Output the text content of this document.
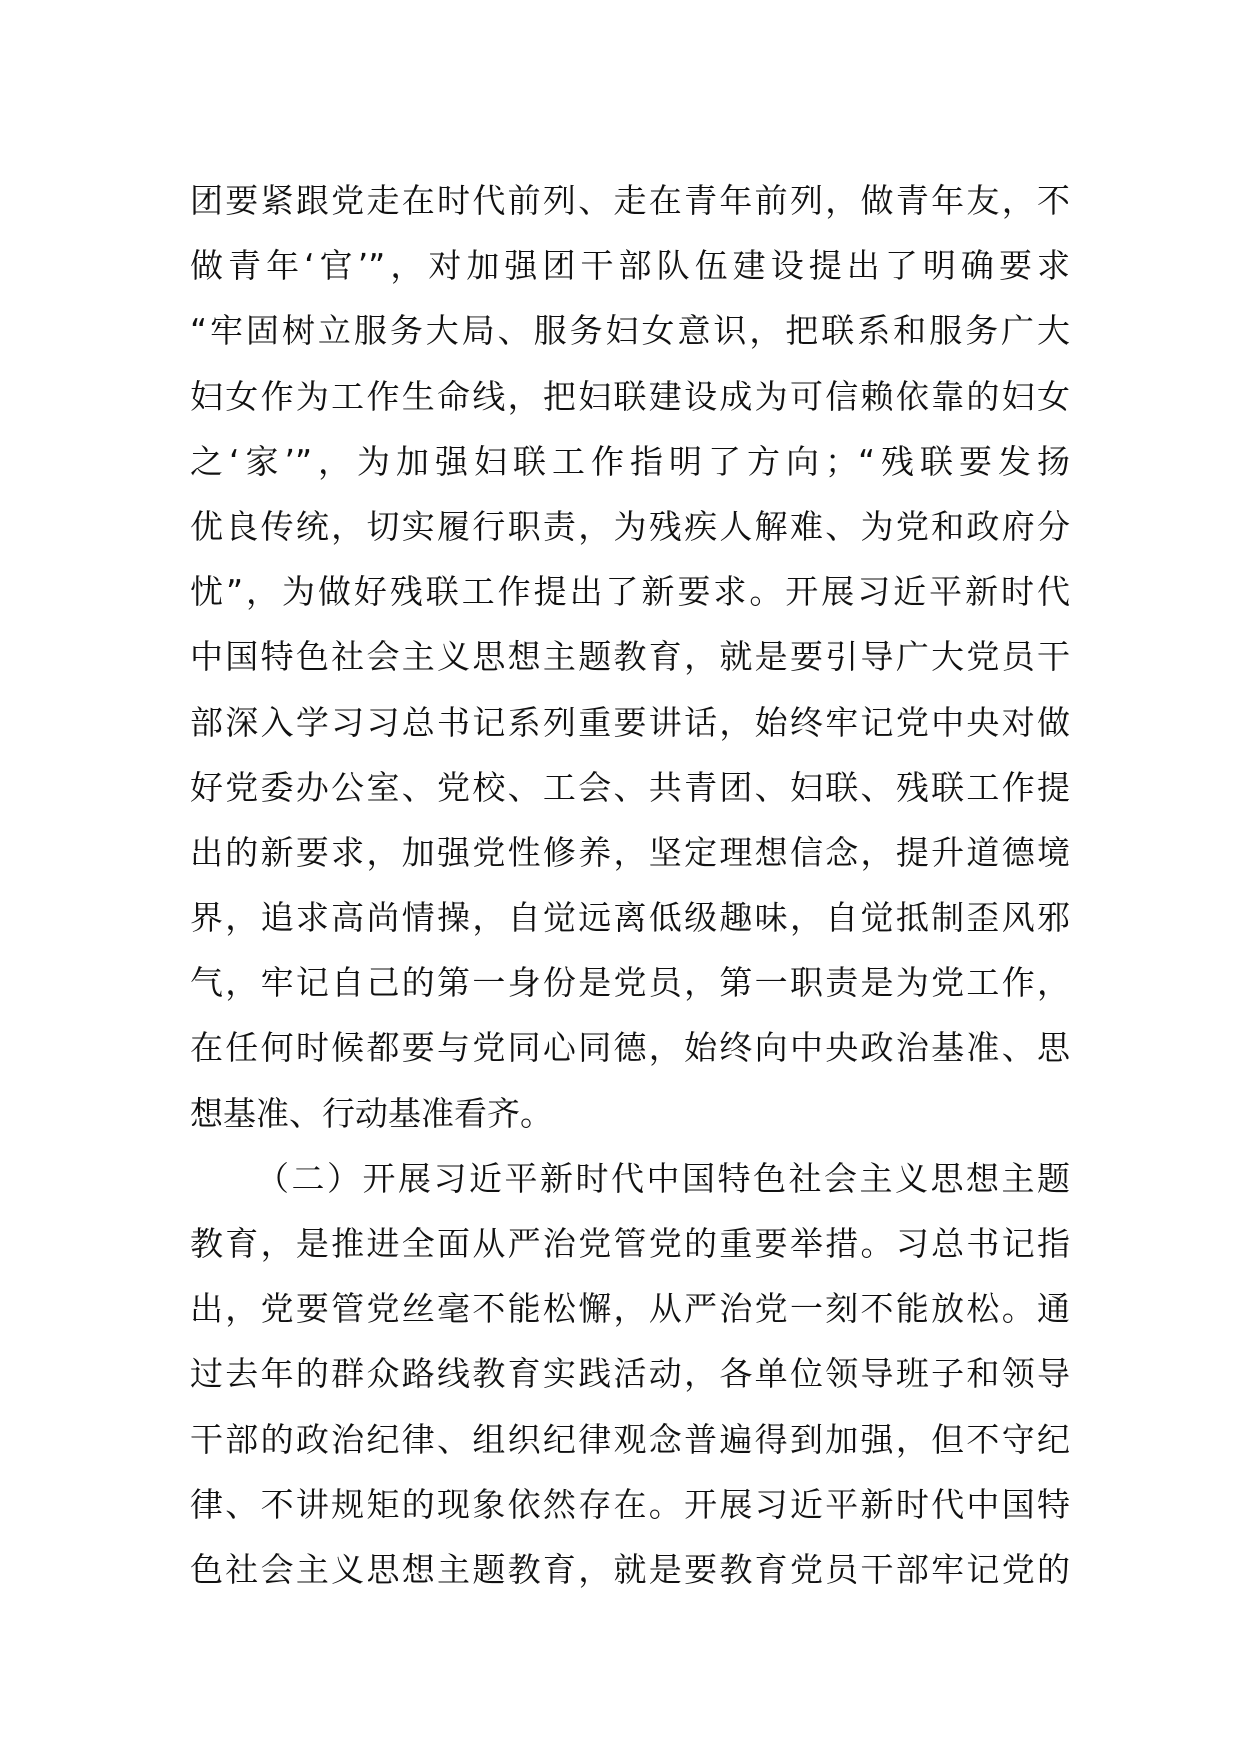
团要紧跟党走在时代前列、走在青年前列，做青年友，不
做青年‘官’”，对加强团干部队伍建设提出了明确要求
“牢固树立服务大局、服务妇女意识，把联系和服务广大
妇女作为工作生命线，把妇联建设成为可信赖依靠的妇女
之‘家’”，为加强妇联工作指明了方向；“残联要发扬
优良传统，切实履行职责，为残疾人解难、为党和政府分
忧”，为做好残联工作提出了新要求。开展习近平新时代
中国特色社会主义思想主题教育，就是要引导广大党员干
部深入学习习总书记系列重要讲话，始终牢记党中央对做
好党委办公室、党校、工会、共青团、妇联、残联工作提
出的新要求，加强党性修养，坚定理想信念，提升道德境
界，追求高尚情操，自觉远离低级趣味，自觉抵制歪风邪
气，牢记自己的第一身份是党员，第一职责是为党工作，
在任何时候都要与党同心同德，始终向中央政治基准、思
想基准、行动基准看齐。
（二）开展习近平新时代中国特色社会主义思想主题
教育，是推进全面从严治党管党的重要举措。习总书记指
出，党要管党丝毫不能松懈，从严治党一刻不能放松。通
过去年的群众路线教育实践活动，各单位领导班子和领导
干部的政治纪律、组织纪律观念普遍得到加强，但不守纪
律、不讲规矩的现象依然存在。开展习近平新时代中国特
色社会主义思想主题教育，就是要教育党员干部牢记党的
